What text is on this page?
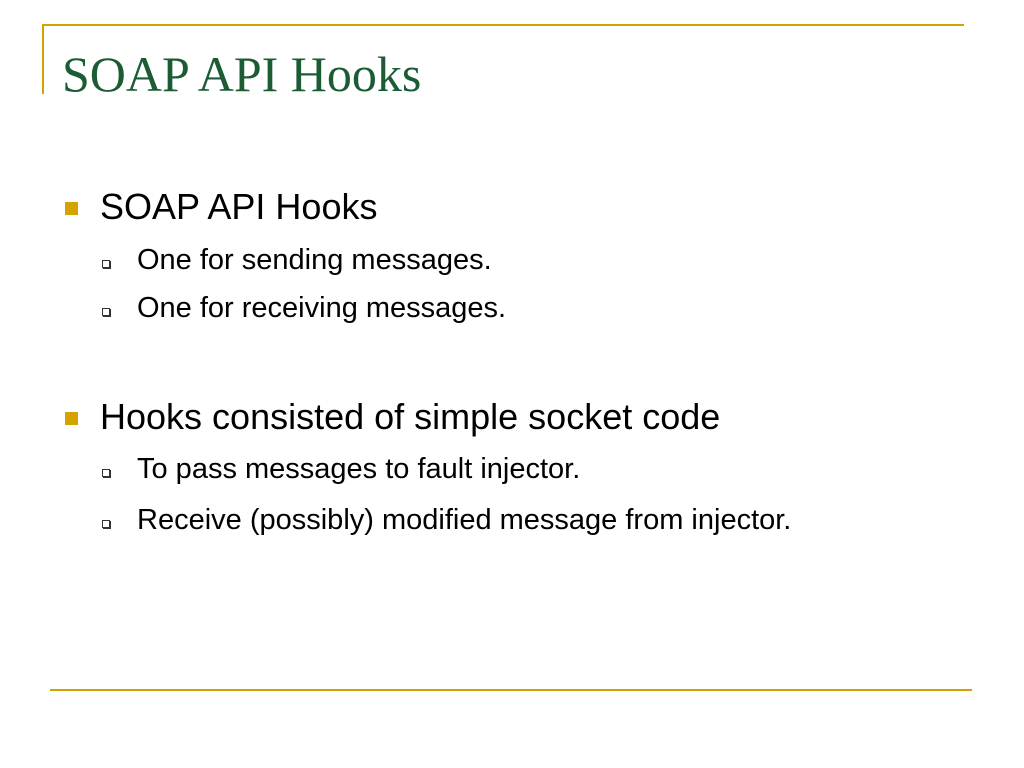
SOAP API Hooks
SOAP API Hooks
One for sending messages.
One for receiving messages.
Hooks consisted of simple socket code
To pass messages to fault injector.
Receive (possibly) modified message from injector.
